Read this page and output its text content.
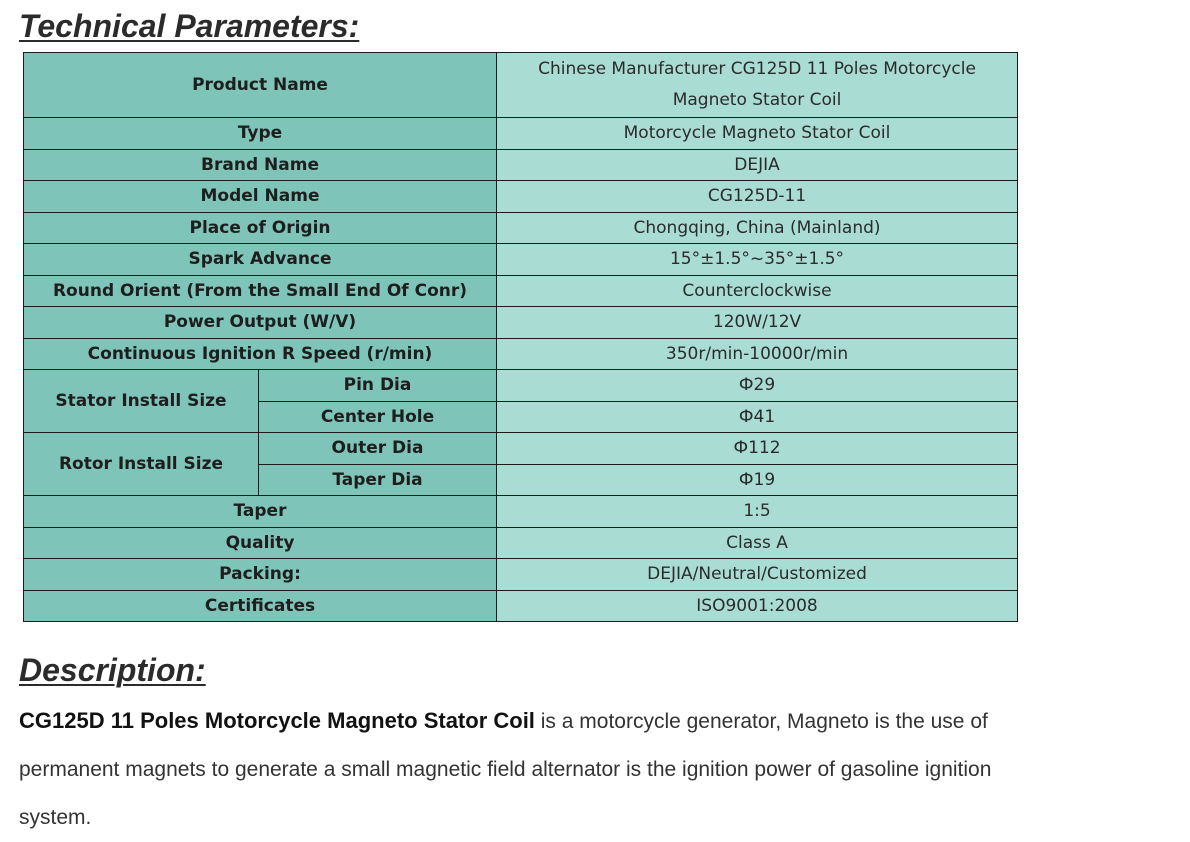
Technical Parameters:
Product Name		Chinese Manufacturer CG125D 11 Poles Motorcycle Magneto Stator Coil
Type		Motorcycle Magneto Stator Coil
Brand Name		DEJIA
Model Name		CG125D-11
Place of Origin		Chongqing, China (Mainland)
Spark Advance		15°±1.5°~35°±1.5°
Round Orient (From the Small End Of Conr)		Counterclockwise
Power Output (W/V)		120W/12V
Continuous Ignition R Speed (r/min)		350r/min-10000r/min
Stator Install Size	Pin Dia	Ф29
	Center Hole	Ф41
Rotor Install Size	Outer Dia	Ф112
	Taper Dia	Ф19
Taper		1:5
Quality		Class A
Packing:		DEJIA/Neutral/Customized
Certificates		ISO9001:2008
Description:

CG125D 11 Poles Motorcycle Magneto Stator Coil is a motorcycle generator, Magneto is the use of permanent magnets to generate a small magnetic field alternator is the ignition power of gasoline ignition system.
